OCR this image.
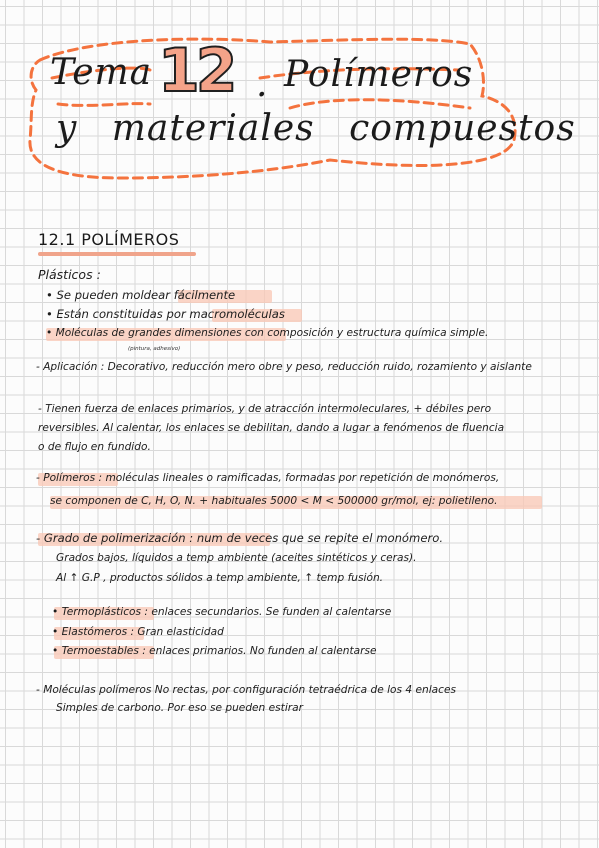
Tema 12 . Polímeros
y materiales compuestos
12.1 POLÍMEROS
Plásticos :
• Se pueden moldear fácilmente
• Están constituidas por macromoléculas
• Moléculas de grandes dimensiones con composición y estructura química simple.
(pintura, adhesivo)
- Aplicación : Decorativo, reducción mero obre y peso, reducción ruido, rozamiento y aislante
- Tienen fuerza de enlaces primarios, y de atracción intermoleculares, + débiles pero
reversibles. Al calentar, los enlaces se debilitan, dando a lugar a fenómenos de fluencia
o de flujo en fundido.
- Polímeros : moléculas lineales o ramificadas, formadas por repetición de monómeros,
se componen de C, H, O, N. + habituales 5000 < M < 500000 gr/mol, ej: polietileno.
- Grado de polimerización : num de veces que se repite el monómero.
Grados bajos, líquidos a temp ambiente (aceites sintéticos y ceras).
Al ↑ G.P , productos sólidos a temp ambiente, ↑ temp fusión.
• Termoplásticos : enlaces secundarios. Se funden al calentarse
• Elastómeros : Gran elasticidad
• Termoestables : enlaces primarios. No funden al calentarse
- Moléculas polímeros No rectas, por configuración tetraédrica de los 4 enlaces
Simples de carbono. Por eso se pueden estirar
